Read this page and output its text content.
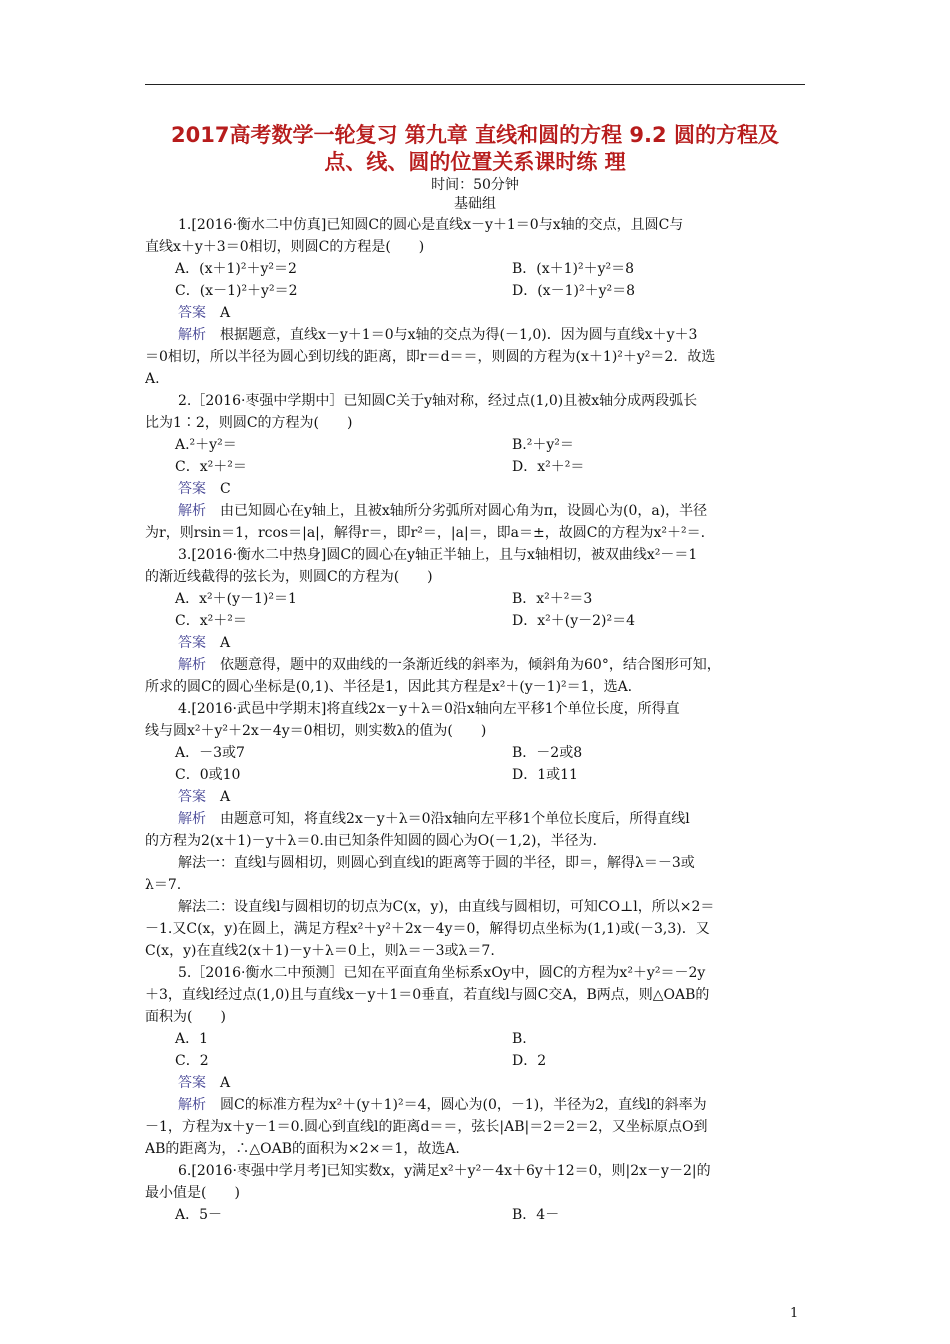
2017高考数学一轮复习 第九章 直线和圆的方程 9.2 圆的方程及
点、线、圆的位置关系课时练 理
时间：50分钟
基础组
1.[2016·衡水二中仿真]已知圆C的圆心是直线x－y＋1＝0与x轴的交点，且圆C与
直线x＋y＋3＝0相切，则圆C的方程是(　　)
A．(x＋1)²＋y²＝2	B．(x＋1)²＋y²＝8
C．(x－1)²＋y²＝2	D．(x－1)²＋y²＝8
答案　A
解析　根据题意，直线x－y＋1＝0与x轴的交点为得(－1,0)．因为圆与直线x＋y＋3
＝0相切，所以半径为圆心到切线的距离，即r＝d＝＝，则圆的方程为(x＋1)²＋y²＝2．故选
A.
2.［2016·枣强中学期中］已知圆C关于y轴对称，经过点(1,0)且被x轴分成两段弧长
比为1∶2，则圆C的方程为(　　)
A.²＋y²＝	B.²＋y²＝
C．x²＋²＝	D．x²＋²＝
答案　C
解析　由已知圆心在y轴上，且被x轴所分劣弧所对圆心角为π，设圆心为(0，a)，半径
为r，则rsin＝1，rcos＝|a|，解得r＝，即r²＝，|a|＝，即a＝±，故圆C的方程为x²＋²＝.
3.[2016·衡水二中热身]圆C的圆心在y轴正半轴上，且与x轴相切，被双曲线x²－＝1
的渐近线截得的弦长为，则圆C的方程为(　　)
A．x²＋(y－1)²＝1	B．x²＋²＝3
C．x²＋²＝	D．x²＋(y－2)²＝4
答案　A
解析　依题意得，题中的双曲线的一条渐近线的斜率为，倾斜角为60°，结合图形可知，
所求的圆C的圆心坐标是(0,1)、半径是1，因此其方程是x²＋(y－1)²＝1，选A.
4.[2016·武邑中学期末]将直线2x－y＋λ＝0沿x轴向左平移1个单位长度，所得直
线与圆x²＋y²＋2x－4y＝0相切，则实数λ的值为(　　)
A．－3或7	B．－2或8
C．0或10	D．1或11
答案　A
解析　由题意可知，将直线2x－y＋λ＝0沿x轴向左平移1个单位长度后，所得直线l
的方程为2(x＋1)－y＋λ＝0.由已知条件知圆的圆心为O(－1,2)，半径为.
解法一：直线l与圆相切，则圆心到直线l的距离等于圆的半径，即＝，解得λ＝－3或
λ＝7.
解法二：设直线l与圆相切的切点为C(x，y)，由直线与圆相切，可知CO⊥l，所以×2＝
－1.又C(x，y)在圆上，满足方程x²＋y²＋2x－4y＝0，解得切点坐标为(1,1)或(－3,3)．又
C(x，y)在直线2(x＋1)－y＋λ＝0上，则λ＝－3或λ＝7.
5.［2016·衡水二中预测］已知在平面直角坐标系xOy中，圆C的方程为x²＋y²＝－2y
＋3，直线l经过点(1,0)且与直线x－y＋1＝0垂直，若直线l与圆C交A，B两点，则△OAB的
面积为(　　)
A．1	B.
C．2	D．2
答案　A
解析　圆C的标准方程为x²＋(y＋1)²＝4，圆心为(0，－1)，半径为2，直线l的斜率为
－1，方程为x＋y－1＝0.圆心到直线l的距离d＝＝，弦长|AB|＝2＝2＝2，又坐标原点O到
AB的距离为，∴△OAB的面积为×2×＝1，故选A.
6.[2016·枣强中学月考]已知实数x，y满足x²＋y²－4x＋6y＋12＝0，则|2x－y－2|的
最小值是(　　)
A．5－	B．4－
1
